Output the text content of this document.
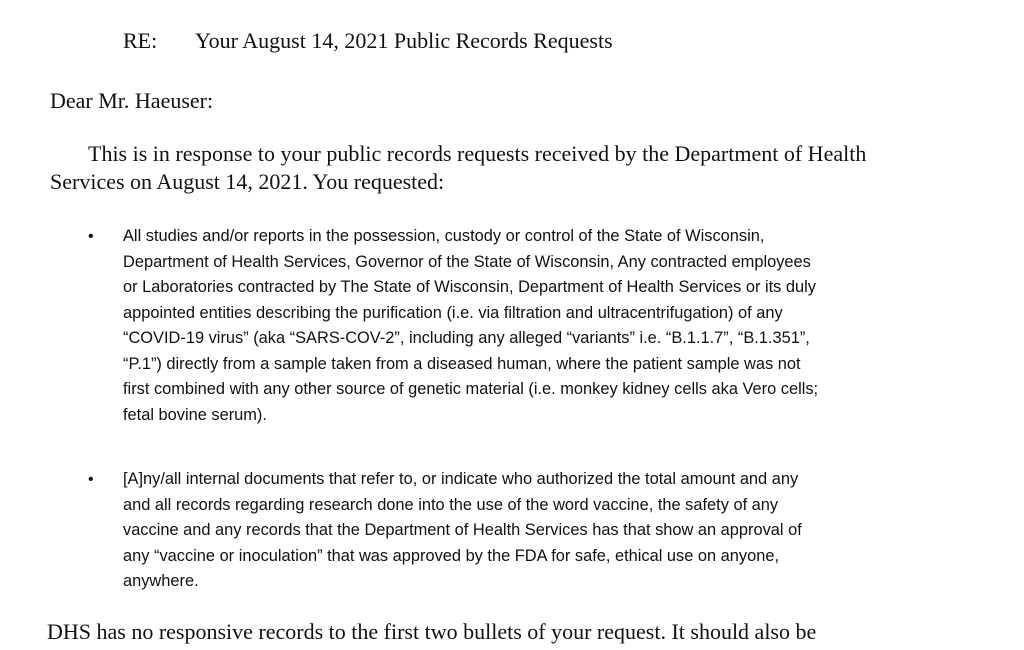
RE: Your August 14, 2021 Public Records Requests
Dear Mr. Haeuser:
This is in response to your public records requests received by the Department of Health
Services on August 14, 2021. You requested:
• All studies and/or reports in the possession, custody or control of the State of Wisconsin,
Department of Health Services, Governor of the State of Wisconsin, Any contracted employees
or Laboratories contracted by The State of Wisconsin, Department of Health Services or its duly
appointed entities describing the purification (i.e. via filtration and ultracentrifugation) of any
“COVID-19 virus” (aka “SARS-COV-2”, including any alleged “variants” i.e. “B.1.1.7”, “B.1.351”,
“P.1”) directly from a sample taken from a diseased human, where the patient sample was not
first combined with any other source of genetic material (i.e. monkey kidney cells aka Vero cells;
fetal bovine serum).
• [A]ny/all internal documents that refer to, or indicate who authorized the total amount and any
and all records regarding research done into the use of the word vaccine, the safety of any
vaccine and any records that the Department of Health Services has that show an approval of
any “vaccine or inoculation” that was approved by the FDA for safe, ethical use on anyone,
anywhere.
DHS has no responsive records to the first two bullets of your request. It should also be
